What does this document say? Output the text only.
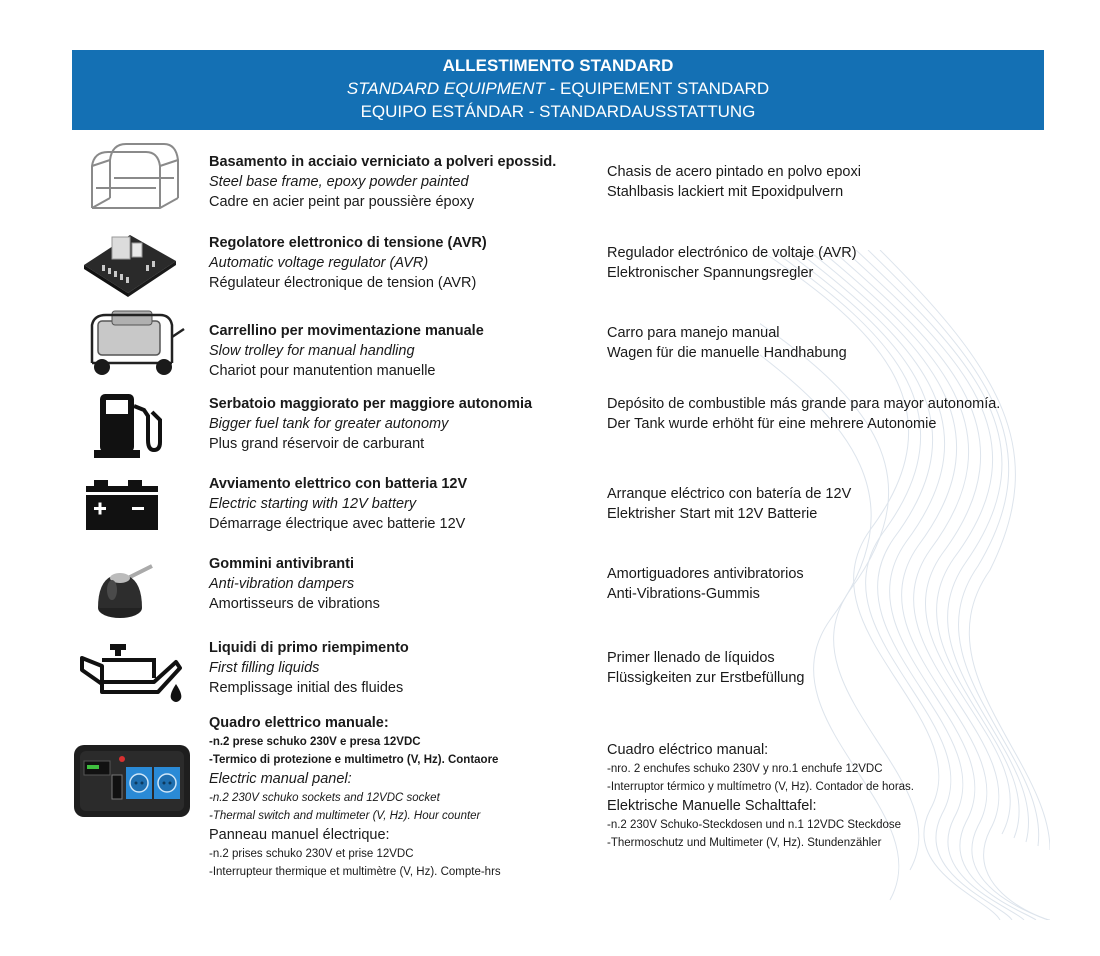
ALLESTIMENTO STANDARD
STANDARD EQUIPMENT - EQUIPEMENT STANDARD
EQUIPO ESTÁNDAR - STANDARDAUSSTATTUNG
Basamento in acciaio verniciato a polveri epossid.
Steel base frame, epoxy powder painted
Cadre en acier peint par poussière époxy
Chasis de acero pintado en polvo epoxi
Stahlbasis lackiert mit Epoxidpulvern
Regolatore elettronico di tensione (AVR)
Automatic voltage regulator (AVR)
Régulateur électronique de tension (AVR)
Regulador electrónico de voltaje (AVR)
Elektronischer Spannungsregler
Carrellino per movimentazione manuale
Slow trolley for manual handling
Chariot pour manutention manuelle
Carro para manejo manual
Wagen für die manuelle Handhabung
Serbatoio maggiorato per maggiore autonomia
Bigger fuel tank for greater autonomy
Plus grand réservoir de carburant
Depósito de combustible más grande para mayor autonomía.
Der Tank wurde erhöht für eine mehrere Autonomie
Avviamento elettrico con batteria 12V
Electric starting with 12V battery
Démarrage électrique avec batterie 12V
Arranque eléctrico con batería de 12V
Elektrisher Start mit 12V Batterie
Gommini antivibranti
Anti-vibration dampers
Amortisseurs de vibrations
Amortiguadores antivibratorios
Anti-Vibrations-Gummis
Liquidi di primo riempimento
First filling liquids
Remplissage initial des fluides
Primer llenado de líquidos
Flüssigkeiten zur Erstbefüllung
Quadro elettrico manuale:
-n.2 prese schuko 230V e presa 12VDC
-Termico di protezione e multimetro (V, Hz). Contaore
Electric manual panel:
-n.2 230V schuko sockets and 12VDC socket
-Thermal switch and multimeter (V, Hz). Hour counter
Panneau manuel électrique:
-n.2 prises schuko 230V et prise 12VDC
-Interrupteur thermique et multimètre (V, Hz). Compte-hrs
Cuadro eléctrico manual:
-nro. 2 enchufes schuko 230V y nro.1 enchufe 12VDC
-Interruptor térmico y multímetro (V, Hz). Contador de horas.
Elektrische Manuelle Schalttafel:
-n.2 230V Schuko-Steckdosen und n.1 12VDC Steckdose
-Thermoschutz und Multimeter (V, Hz). Stundenzähler
